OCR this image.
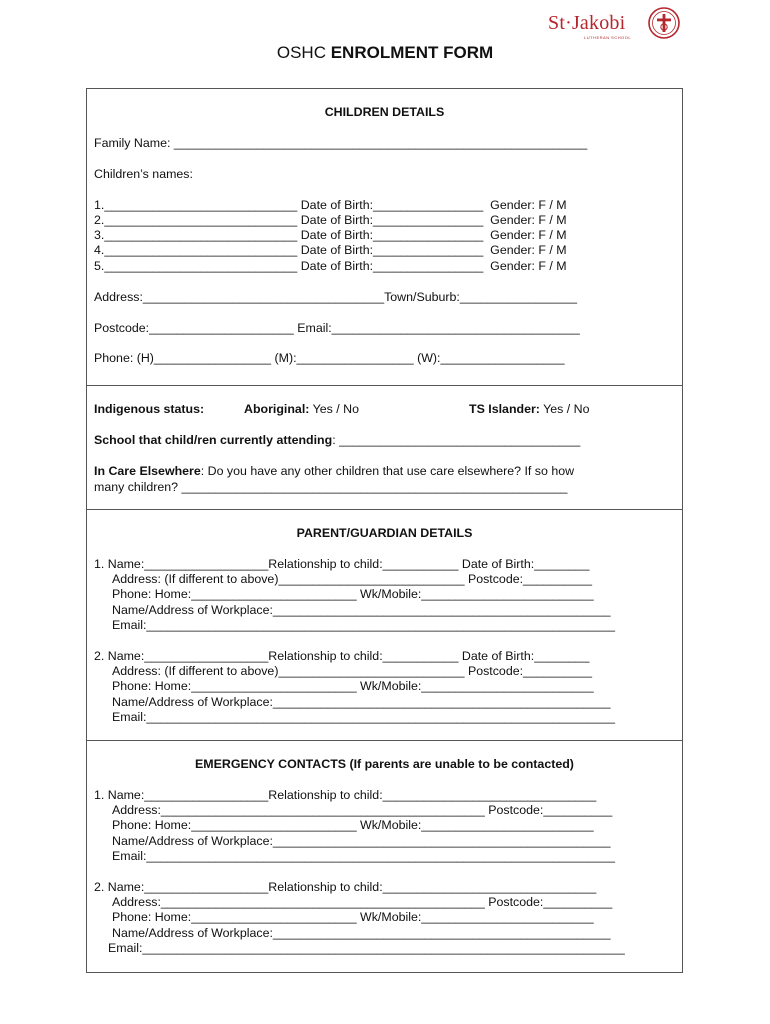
St·Jakobi
LUTHERAN SCHOOL
OSHC ENROLMENT FORM
CHILDREN DETAILS
Family Name: ____________________________________________________________
Children’s names:
1.____________________________ Date of Birth:________________  Gender: F / M
2.____________________________ Date of Birth:________________  Gender: F / M
3.____________________________ Date of Birth:________________  Gender: F / M
4.____________________________ Date of Birth:________________  Gender: F / M
5.____________________________ Date of Birth:________________  Gender: F / M
Address:___________________________________Town/Suburb:_________________
Postcode:_____________________ Email:____________________________________
Phone: (H)_________________ (M):_________________ (W):__________________
Indigenous status:	Aboriginal: Yes / No	TS Islander: Yes / No
School that child/ren currently attending: ___________________________________
In Care Elsewhere: Do you have any other children that use care elsewhere? If so how
many children? ________________________________________________________
PARENT/GUARDIAN DETAILS
1. Name:__________________Relationship to child:___________ Date of Birth:________
Address: (If different to above)___________________________ Postcode:__________
Phone: Home:________________________ Wk/Mobile:_________________________
Name/Address of Workplace:_________________________________________________
Email:____________________________________________________________________
2. Name:__________________Relationship to child:___________ Date of Birth:________
Address: (If different to above)___________________________ Postcode:__________
Phone: Home:________________________ Wk/Mobile:_________________________
Name/Address of Workplace:_________________________________________________
Email:____________________________________________________________________
EMERGENCY CONTACTS (If parents are unable to be contacted)
1. Name:__________________Relationship to child:_______________________________
Address:_______________________________________________ Postcode:__________
Phone: Home:________________________ Wk/Mobile:_________________________
Name/Address of Workplace:_________________________________________________
Email:____________________________________________________________________
2. Name:__________________Relationship to child:_______________________________
Address:_______________________________________________ Postcode:__________
Phone: Home:________________________ Wk/Mobile:_________________________
Name/Address of Workplace:_________________________________________________
Email:______________________________________________________________________
